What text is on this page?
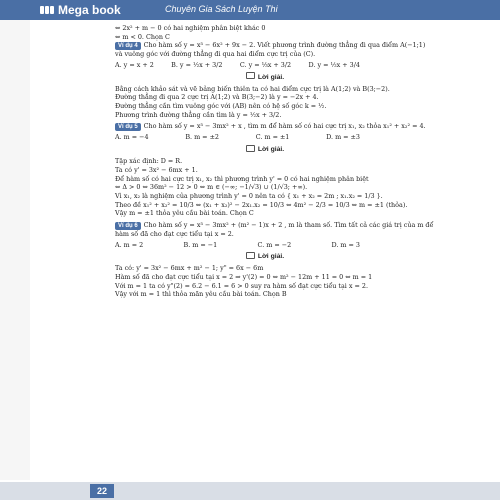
Mega book	Chuyên Gia Sách Luyện Thi
⇔ 2x² + m − 0 có hai nghiệm phân biệt khác 0
⇔ m < 0. Chọn C
Ví dụ 4 Cho hàm số y = x³ − 6x² + 9x − 2. Viết phương trình đường thẳng đi qua điểm A(−1;1)
và vuông góc với đường thẳng đi qua hai điểm cực trị của (C).
A. y = x + 2	B. y = ½x + 3/2	C. y = ⅓x + 3/2	D. y = ½x + 3/4
Lời giải.
Bằng cách khảo sát và vẽ bảng biến thiên ta có hai điểm cực trị là A(1;2) và B(3;−2).
Đường thẳng đi qua 2 cực trị A(1;2) và B(3;−2) là y = −2x + 4.
Đường thẳng cần tìm vuông góc với (AB) nên có hệ số góc k = ½.
Phương trình đường thẳng cần tìm là y = ½x + 3/2.
Ví dụ 5 Cho hàm số y = x³ − 3mx² + x , tìm m để hàm số có hai cực trị x₁, x₂ thỏa x₁² + x₂² = 4.
A. m = −4	B. m = ±2	C. m = ±1	D. m = ±3
Lời giải.
Tập xác định: D = R.
Ta có y' = 3x² − 6mx + 1.
Để hàm số có hai cực trị x₁, x₂ thì phương trình y' = 0 có hai nghiệm phân biệt
⇔ Δ > 0 ⇔ 36m² − 12 > 0 ⇔ m ∈ (−∞; −1/√3) ∪ (1/√3; +∞).
Vì x₁, x₂ là nghiệm của phương trình y' = 0 nên ta có { x₁ + x₂ = 2m ; x₁.x₂ = 1/3 }.
Theo đề x₁² + x₂² = 10/3 ⇔ (x₁ + x₂)² − 2x₁.x₂ = 10/3 ⇔ 4m² − 2/3 = 10/3 ⇔ m = ±1 (thỏa).
Vậy m = ±1 thỏa yêu cầu bài toán. Chọn C
Ví dụ 6 Cho hàm số y = x³ − 3mx² + (m² − 1)x + 2 , m là tham số. Tìm tất cả các giá trị của m để
hàm số đã cho đạt cực tiểu tại x = 2.
A. m = 2	B. m = −1	C. m = −2	D. m = 3
Lời giải.
Ta có: y' = 3x² − 6mx + m² − 1; y" = 6x − 6m
Hàm số đã cho đạt cực tiểu tại x = 2 ⇒ y'(2) = 0 ⇔ m² − 12m + 11 = 0 ⇔ m = 1
Với m = 1 ta có y"(2) = 6.2 − 6.1 = 6 > 0 suy ra hàm số đạt cực tiểu tại x = 2.
Vậy với m = 1 thì thỏa mãn yêu cầu bài toán. Chọn B
22
